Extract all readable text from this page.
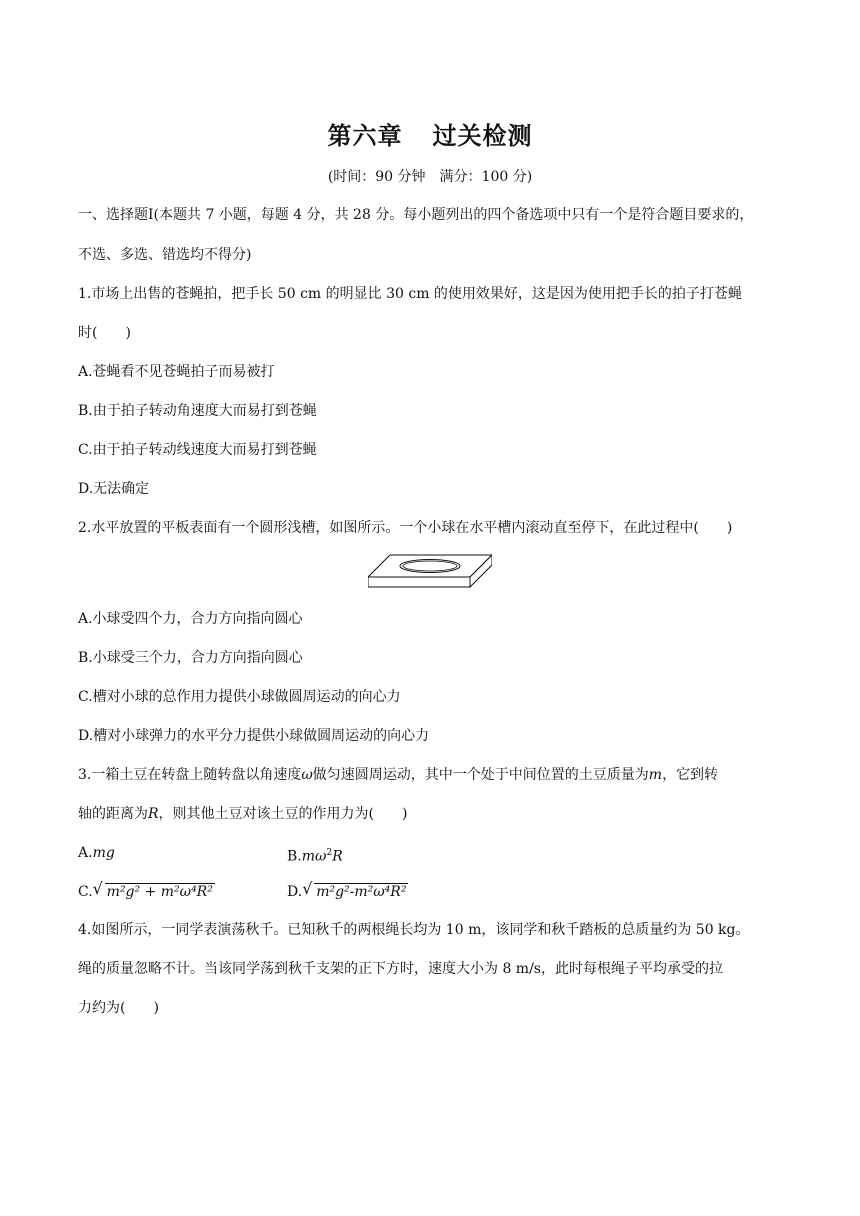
第六章 过关检测
(时间：90 分钟　满分：100 分)
一、选择题I(本题共 7 小题，每题 4 分，共 28 分。每小题列出的四个备选项中只有一个是符合题目要求的，
不选、多选、错选均不得分)
1.市场上出售的苍蝇拍，把手长 50 cm 的明显比 30 cm 的使用效果好，这是因为使用把手长的拍子打苍蝇
时(　　)
A.苍蝇看不见苍蝇拍子而易被打
B.由于拍子转动角速度大而易打到苍蝇
C.由于拍子转动线速度大而易打到苍蝇
D.无法确定
2.水平放置的平板表面有一个圆形浅槽，如图所示。一个小球在水平槽内滚动直至停下，在此过程中(　　)
A.小球受四个力，合力方向指向圆心
B.小球受三个力，合力方向指向圆心
C.槽对小球的总作用力提供小球做圆周运动的向心力
D.槽对小球弹力的水平分力提供小球做圆周运动的向心力
3.一箱土豆在转盘上随转盘以角速度ω做匀速圆周运动，其中一个处于中间位置的土豆质量为m，它到转
轴的距离为R，则其他土豆对该土豆的作用力为(　　)
A.mg	$B.m\omega^2R$
C. √ m²g² + m²ω⁴R²	D. √ m²g²-m²ω⁴R²
4.如图所示，一同学表演荡秋千。已知秋千的两根绳长均为 10 m，该同学和秋千踏板的总质量约为 50 kg。
绳的质量忽略不计。当该同学荡到秋千支架的正下方时，速度大小为 8 m/s，此时每根绳子平均承受的拉
力约为(　　)
